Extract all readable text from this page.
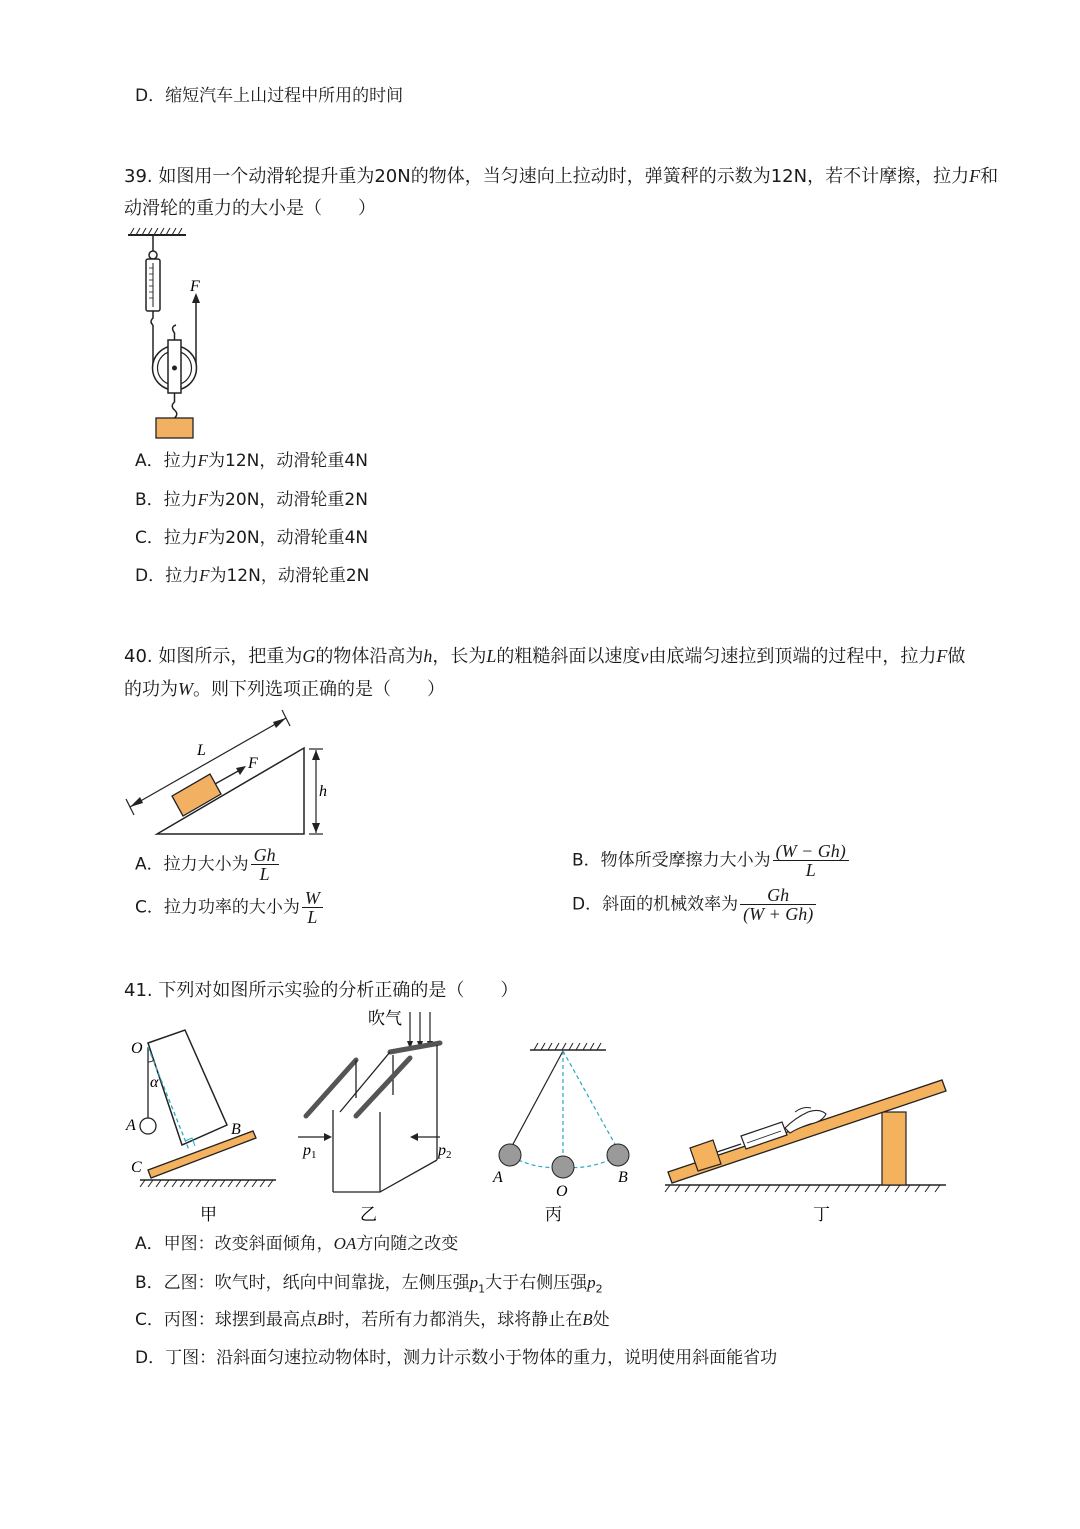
D．缩短汽车上山过程中所用的时间
39. 如图用一个动滑轮提升重为20N的物体，当匀速向上拉动时，弹簧秤的示数为12N，若不计摩擦，拉力F和
动滑轮的重力的大小是（　　）
F
A．拉力F为12N，动滑轮重4N
B．拉力F为20N，动滑轮重2N
C．拉力F为20N，动滑轮重4N
D．拉力F为12N，动滑轮重2N
40. 如图所示，把重为G的物体沿高为h，长为L的粗糙斜面以速度v由底端匀速拉到顶端的过程中，拉力F做
的功为W。则下列选项正确的是（　　）
L
F
h
A．拉力大小为 $\frac{Gh}{L}$	B．物体所受摩擦力大小为 $\frac{(W - Gh)}{L}$
C．拉力功率的大小为 $\frac{W}{L}$	D．斜面的机械效率为 $\frac{Gh}{(W + Gh)}$
41. 下列对如图所示实验的分析正确的是（　　）
O
α
A	B
C
甲
吹气
p1	p2
乙
A
O
B
丙	丁
A．甲图：改变斜面倾角，OA方向随之改变
B．乙图：吹气时，纸向中间靠拢，左侧压强$p_1$大于右侧压强$p_2$
C．丙图：球摆到最高点B时，若所有力都消失，球将静止在B处
D．丁图：沿斜面匀速拉动物体时，测力计示数小于物体的重力，说明使用斜面能省功
